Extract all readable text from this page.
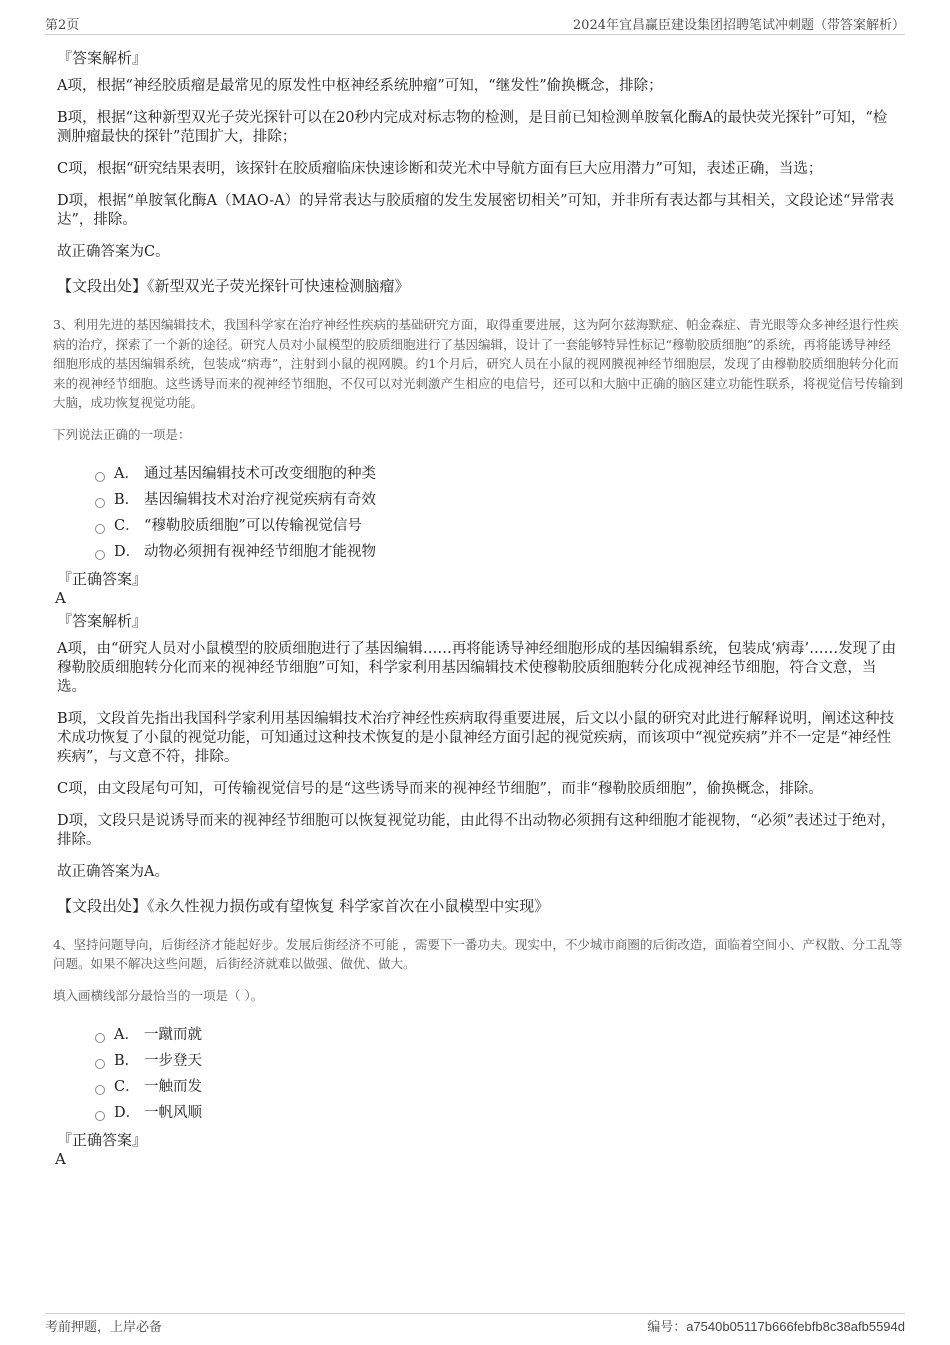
第2页	2024年宜昌赢臣建设集团招聘笔试冲刺题（带答案解析）
『答案解析』

A项，根据“神经胶质瘤是最常见的原发性中枢神经系统肿瘤”可知，“继发性”偷换概念，排除；

B项，根据“这种新型双光子荧光探针可以在20秒内完成对标志物的检测，是目前已知检测单胺氧化酶A的最快荧光探针”可知，“检测肿瘤最快的探针”范围扩大，排除；

C项，根据“研究结果表明，该探针在胶质瘤临床快速诊断和荧光术中导航方面有巨大应用潜力”可知，表述正确，当选；

D项，根据“单胺氧化酶A（MAO-A）的异常表达与胶质瘤的发生发展密切相关”可知，并非所有表达都与其相关，文段论述“异常表达”，排除。

故正确答案为C。

【文段出处】《新型双光子荧光探针可快速检测脑瘤》
3、利用先进的基因编辑技术，我国科学家在治疗神经性疾病的基础研究方面，取得重要进展，这为阿尔兹海默症、帕金森症、青光眼等众多神经退行性疾病的治疗，探索了一个新的途径。研究人员对小鼠模型的胶质细胞进行了基因编辑，设计了一套能够特异性标记“穆勒胶质细胞”的系统，再将能诱导神经细胞形成的基因编辑系统，包装成“病毒”，注射到小鼠的视网膜。约1个月后，研究人员在小鼠的视网膜视神经节细胞层，发现了由穆勒胶质细胞转分化而来的视神经节细胞。这些诱导而来的视神经节细胞，不仅可以对光刺激产生相应的电信号，还可以和大脑中正确的脑区建立功能性联系，将视觉信号传输到大脑，成功恢复视觉功能。
下列说法正确的一项是：
A． 通过基因编辑技术可改变细胞的种类
B． 基因编辑技术对治疗视觉疾病有奇效
C． “穆勒胶质细胞”可以传输视觉信号
D． 动物必须拥有视神经节细胞才能视物
『正确答案』
A
『答案解析』

A项，由“研究人员对小鼠模型的胶质细胞进行了基因编辑……再将能诱导神经细胞形成的基因编辑系统，包装成‘病毒’……发现了由穆勒胶质细胞转分化而来的视神经节细胞”可知，科学家利用基因编辑技术使穆勒胶质细胞转分化成视神经节细胞，符合文意，当选。

B项，文段首先指出我国科学家利用基因编辑技术治疗神经性疾病取得重要进展，后文以小鼠的研究对此进行解释说明，阐述这种技术成功恢复了小鼠的视觉功能，可知通过这种技术恢复的是小鼠神经方面引起的视觉疾病，而该项中“视觉疾病”并不一定是“神经性疾病”，与文意不符，排除。

C项，由文段尾句可知，可传输视觉信号的是“这些诱导而来的视神经节细胞”，而非“穆勒胶质细胞”，偷换概念，排除。

D项，文段只是说诱导而来的视神经节细胞可以恢复视觉功能，由此得不出动物必须拥有这种细胞才能视物，“必须”表述过于绝对，排除。

故正确答案为A。

【文段出处】《永久性视力损伤或有望恢复 科学家首次在小鼠模型中实现》
4、坚持问题导向，后街经济才能起好步。发展后街经济不可能 ，需要下一番功夫。现实中，不少城市商圈的后街改造，面临着空间小、产权散、分工乱等问题。如果不解决这些问题，后街经济就难以做强、做优、做大。
填入画横线部分最恰当的一项是（ ）。
A． 一蹴而就
B． 一步登天
C． 一触而发
D． 一帆风顺
『正确答案』
A
考前押题，上岸必备	编号：a7540b05117b666febfb8c38afb5594d
